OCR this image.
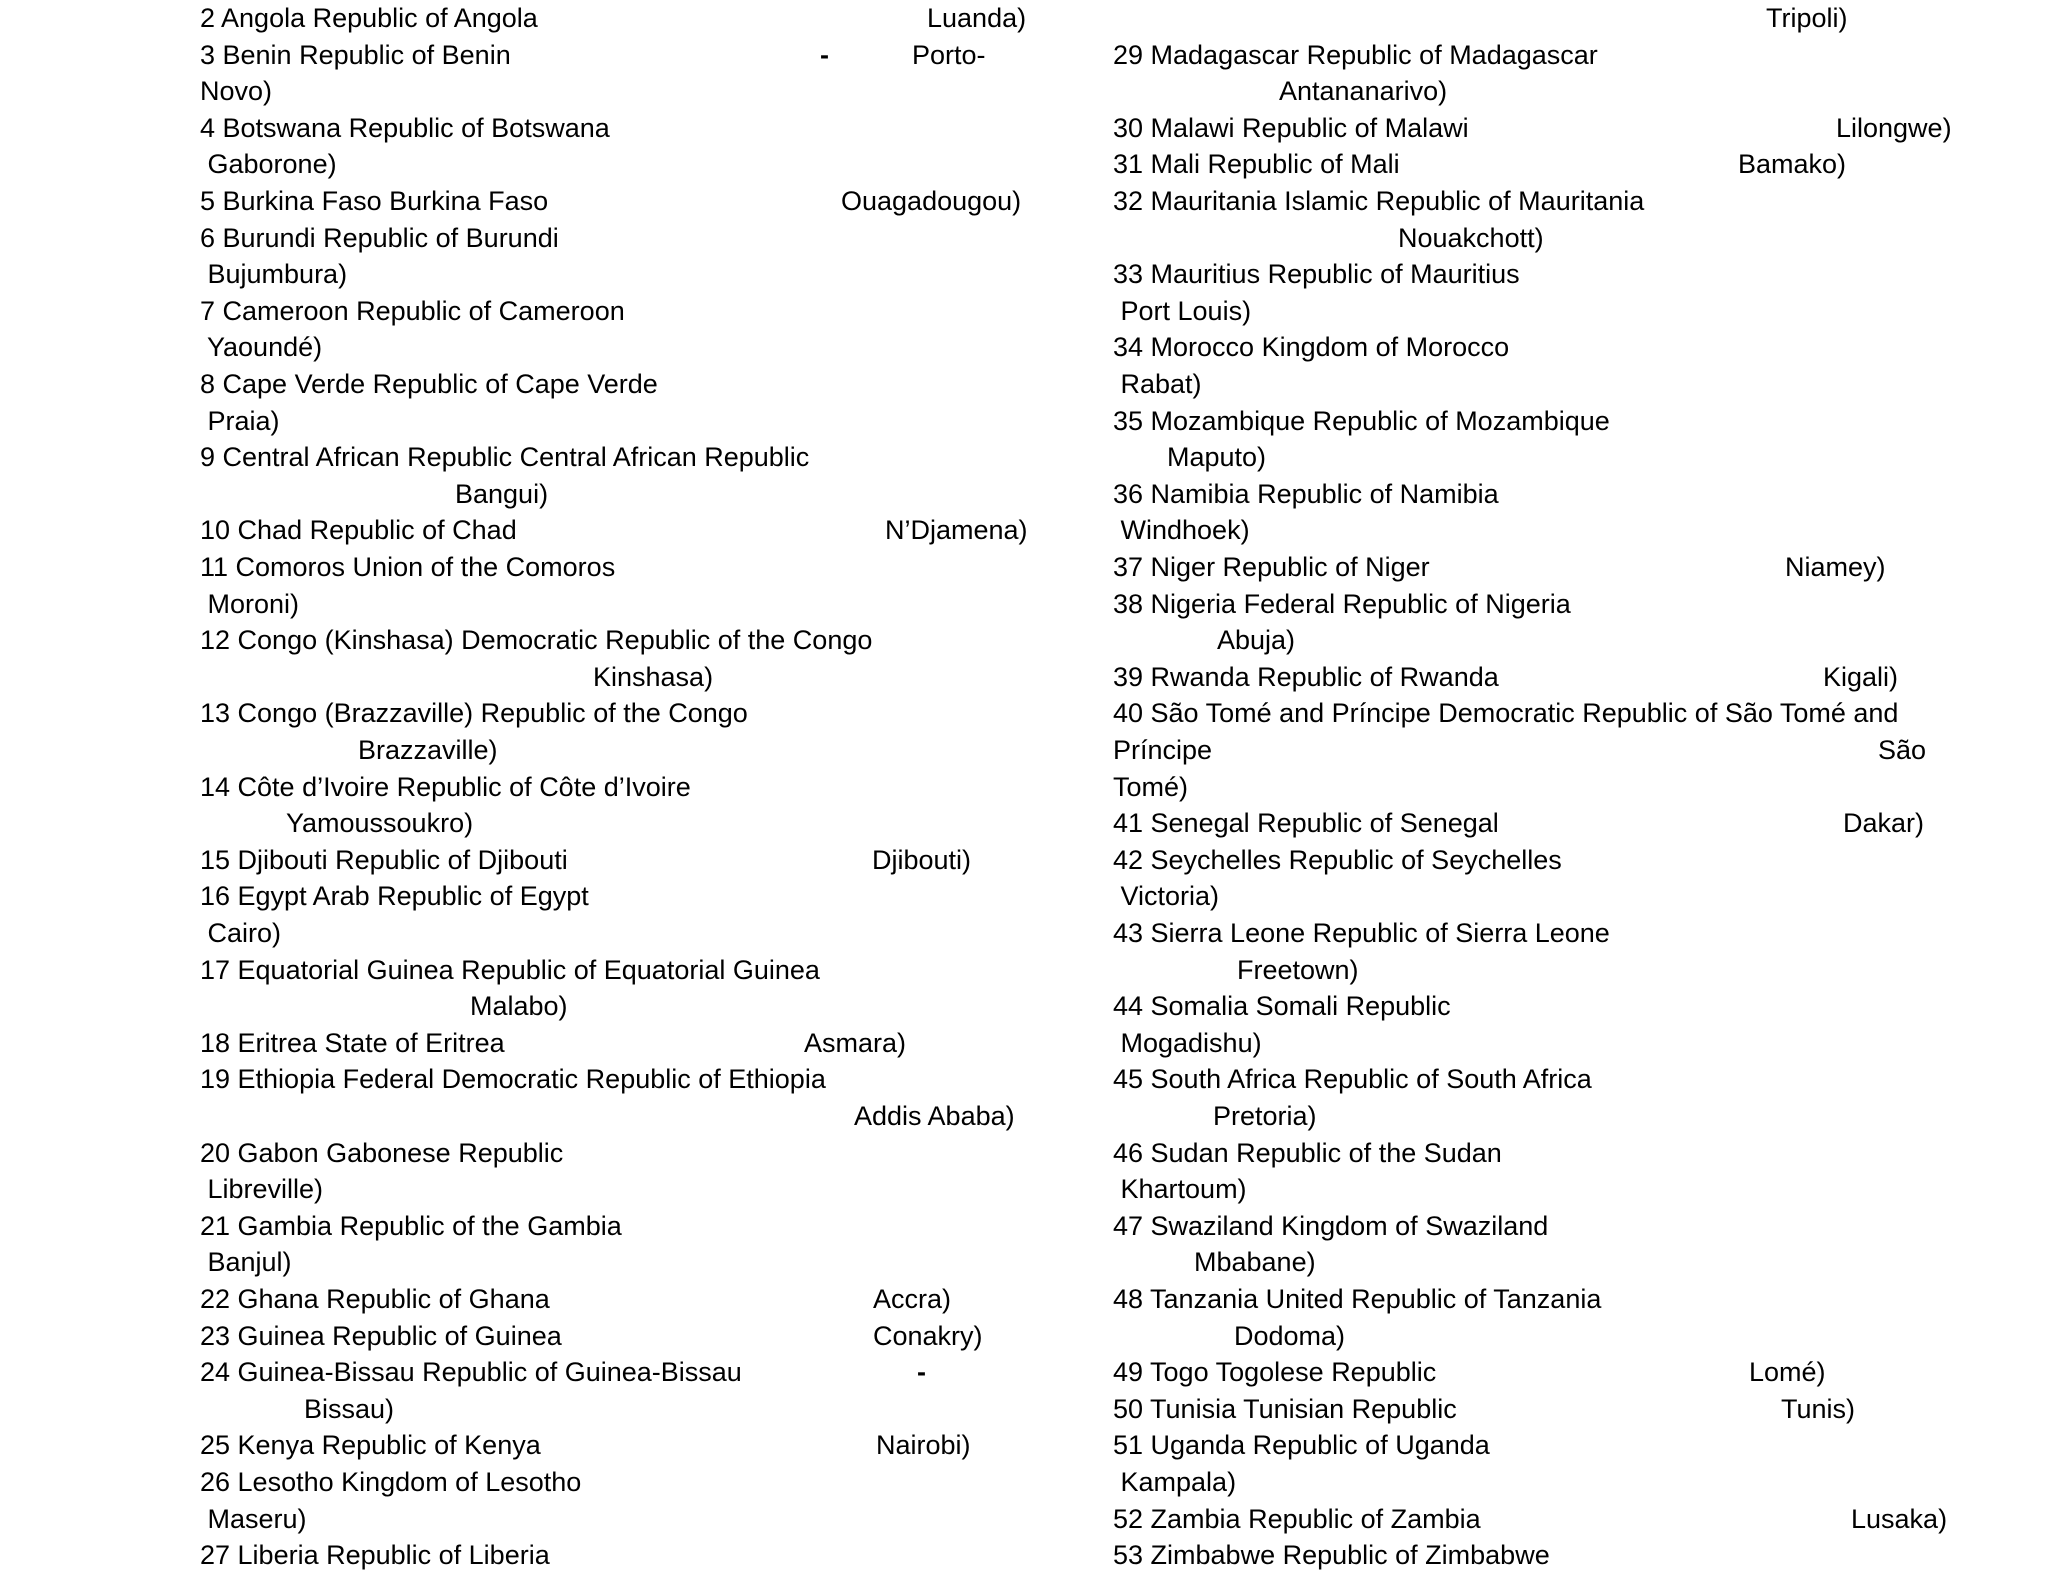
2 Angola Republic of Angola	Luanda)
3 Benin Republic of Benin	-	Porto-
Novo)
4 Botswana Republic of Botswana
Gaborone)
5 Burkina Faso Burkina Faso	Ouagadougou)
6 Burundi Republic of Burundi
Bujumbura)
7 Cameroon Republic of Cameroon
Yaoundé)
8 Cape Verde Republic of Cape Verde
Praia)
9 Central African Republic Central African Republic
Bangui)
10 Chad Republic of Chad	N’Djamena)
11 Comoros Union of the Comoros
Moroni)
12 Congo (Kinshasa) Democratic Republic of the Congo
Kinshasa)
13 Congo (Brazzaville) Republic of the Congo
Brazzaville)
14 Côte d’Ivoire Republic of Côte d’Ivoire
Yamoussoukro)
15 Djibouti Republic of Djibouti	Djibouti)
16 Egypt Arab Republic of Egypt
Cairo)
17 Equatorial Guinea Republic of Equatorial Guinea
Malabo)
18 Eritrea State of Eritrea	Asmara)
19 Ethiopia Federal Democratic Republic of Ethiopia
Addis Ababa)
20 Gabon Gabonese Republic
Libreville)
21 Gambia Republic of the Gambia
Banjul)
22 Ghana Republic of Ghana	Accra)
23 Guinea Republic of Guinea	Conakry)
24 Guinea-Bissau Republic of Guinea-Bissau	-
Bissau)
25 Kenya Republic of Kenya	Nairobi)
26 Lesotho Kingdom of Lesotho
Maseru)
27 Liberia Republic of Liberia
Tripoli)
29 Madagascar Republic of Madagascar
Antananarivo)
30 Malawi Republic of Malawi	Lilongwe)
31 Mali Republic of Mali	Bamako)
32 Mauritania Islamic Republic of Mauritania
Nouakchott)
33 Mauritius Republic of Mauritius
Port Louis)
34 Morocco Kingdom of Morocco
Rabat)
35 Mozambique Republic of Mozambique
Maputo)
36 Namibia Republic of Namibia
Windhoek)
37 Niger Republic of Niger	Niamey)
38 Nigeria Federal Republic of Nigeria
Abuja)
39 Rwanda Republic of Rwanda	Kigali)
40 São Tomé and Príncipe Democratic Republic of São Tomé and
Príncipe	São
Tomé)
41 Senegal Republic of Senegal	Dakar)
42 Seychelles Republic of Seychelles
Victoria)
43 Sierra Leone Republic of Sierra Leone
Freetown)
44 Somalia Somali Republic
Mogadishu)
45 South Africa Republic of South Africa
Pretoria)
46 Sudan Republic of the Sudan
Khartoum)
47 Swaziland Kingdom of Swaziland
Mbabane)
48 Tanzania United Republic of Tanzania
Dodoma)
49 Togo Togolese Republic	Lomé)
50 Tunisia Tunisian Republic	Tunis)
51 Uganda Republic of Uganda
Kampala)
52 Zambia Republic of Zambia	Lusaka)
53 Zimbabwe Republic of Zimbabwe
